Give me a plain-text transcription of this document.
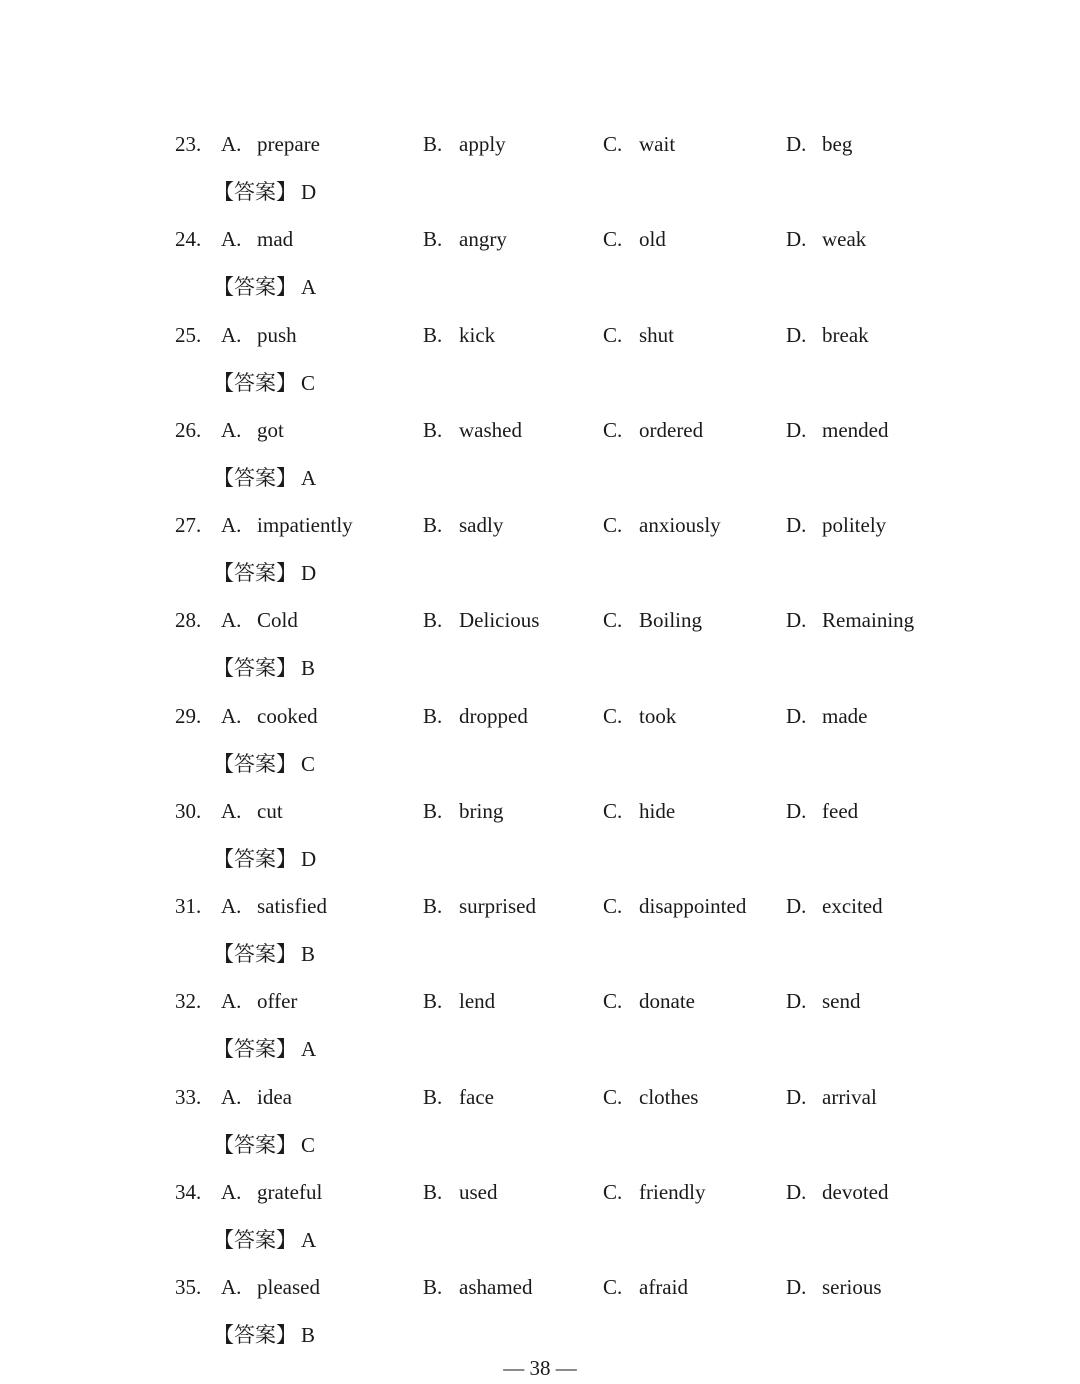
23. A. prepare	B. apply	C. wait	D. beg
【答案】 D
24. A. mad	B. angry	C. old	D. weak
【答案】 A
25. A. push	B. kick	C. shut	D. break
【答案】 C
26. A. got	B. washed	C. ordered	D. mended
【答案】 A
27. A. impatiently	B. sadly	C. anxiously	D. politely
【答案】 D
28. A. Cold	B. Delicious	C. Boiling	D. Remaining
【答案】 B
29. A. cooked	B. dropped	C. took	D. made
【答案】 C
30. A. cut	B. bring	C. hide	D. feed
【答案】 D
31. A. satisfied	B. surprised	C. disappointed D. excited
【答案】 B
32. A. offer	B. lend	C. donate	D. send
【答案】 A
33. A. idea	B. face	C. clothes	D. arrival
【答案】 C
34. A. grateful	B. used	C. friendly	D. devoted
【答案】 A
35. A. pleased	B. ashamed	C. afraid	D. serious
【答案】 B
— 38 —
